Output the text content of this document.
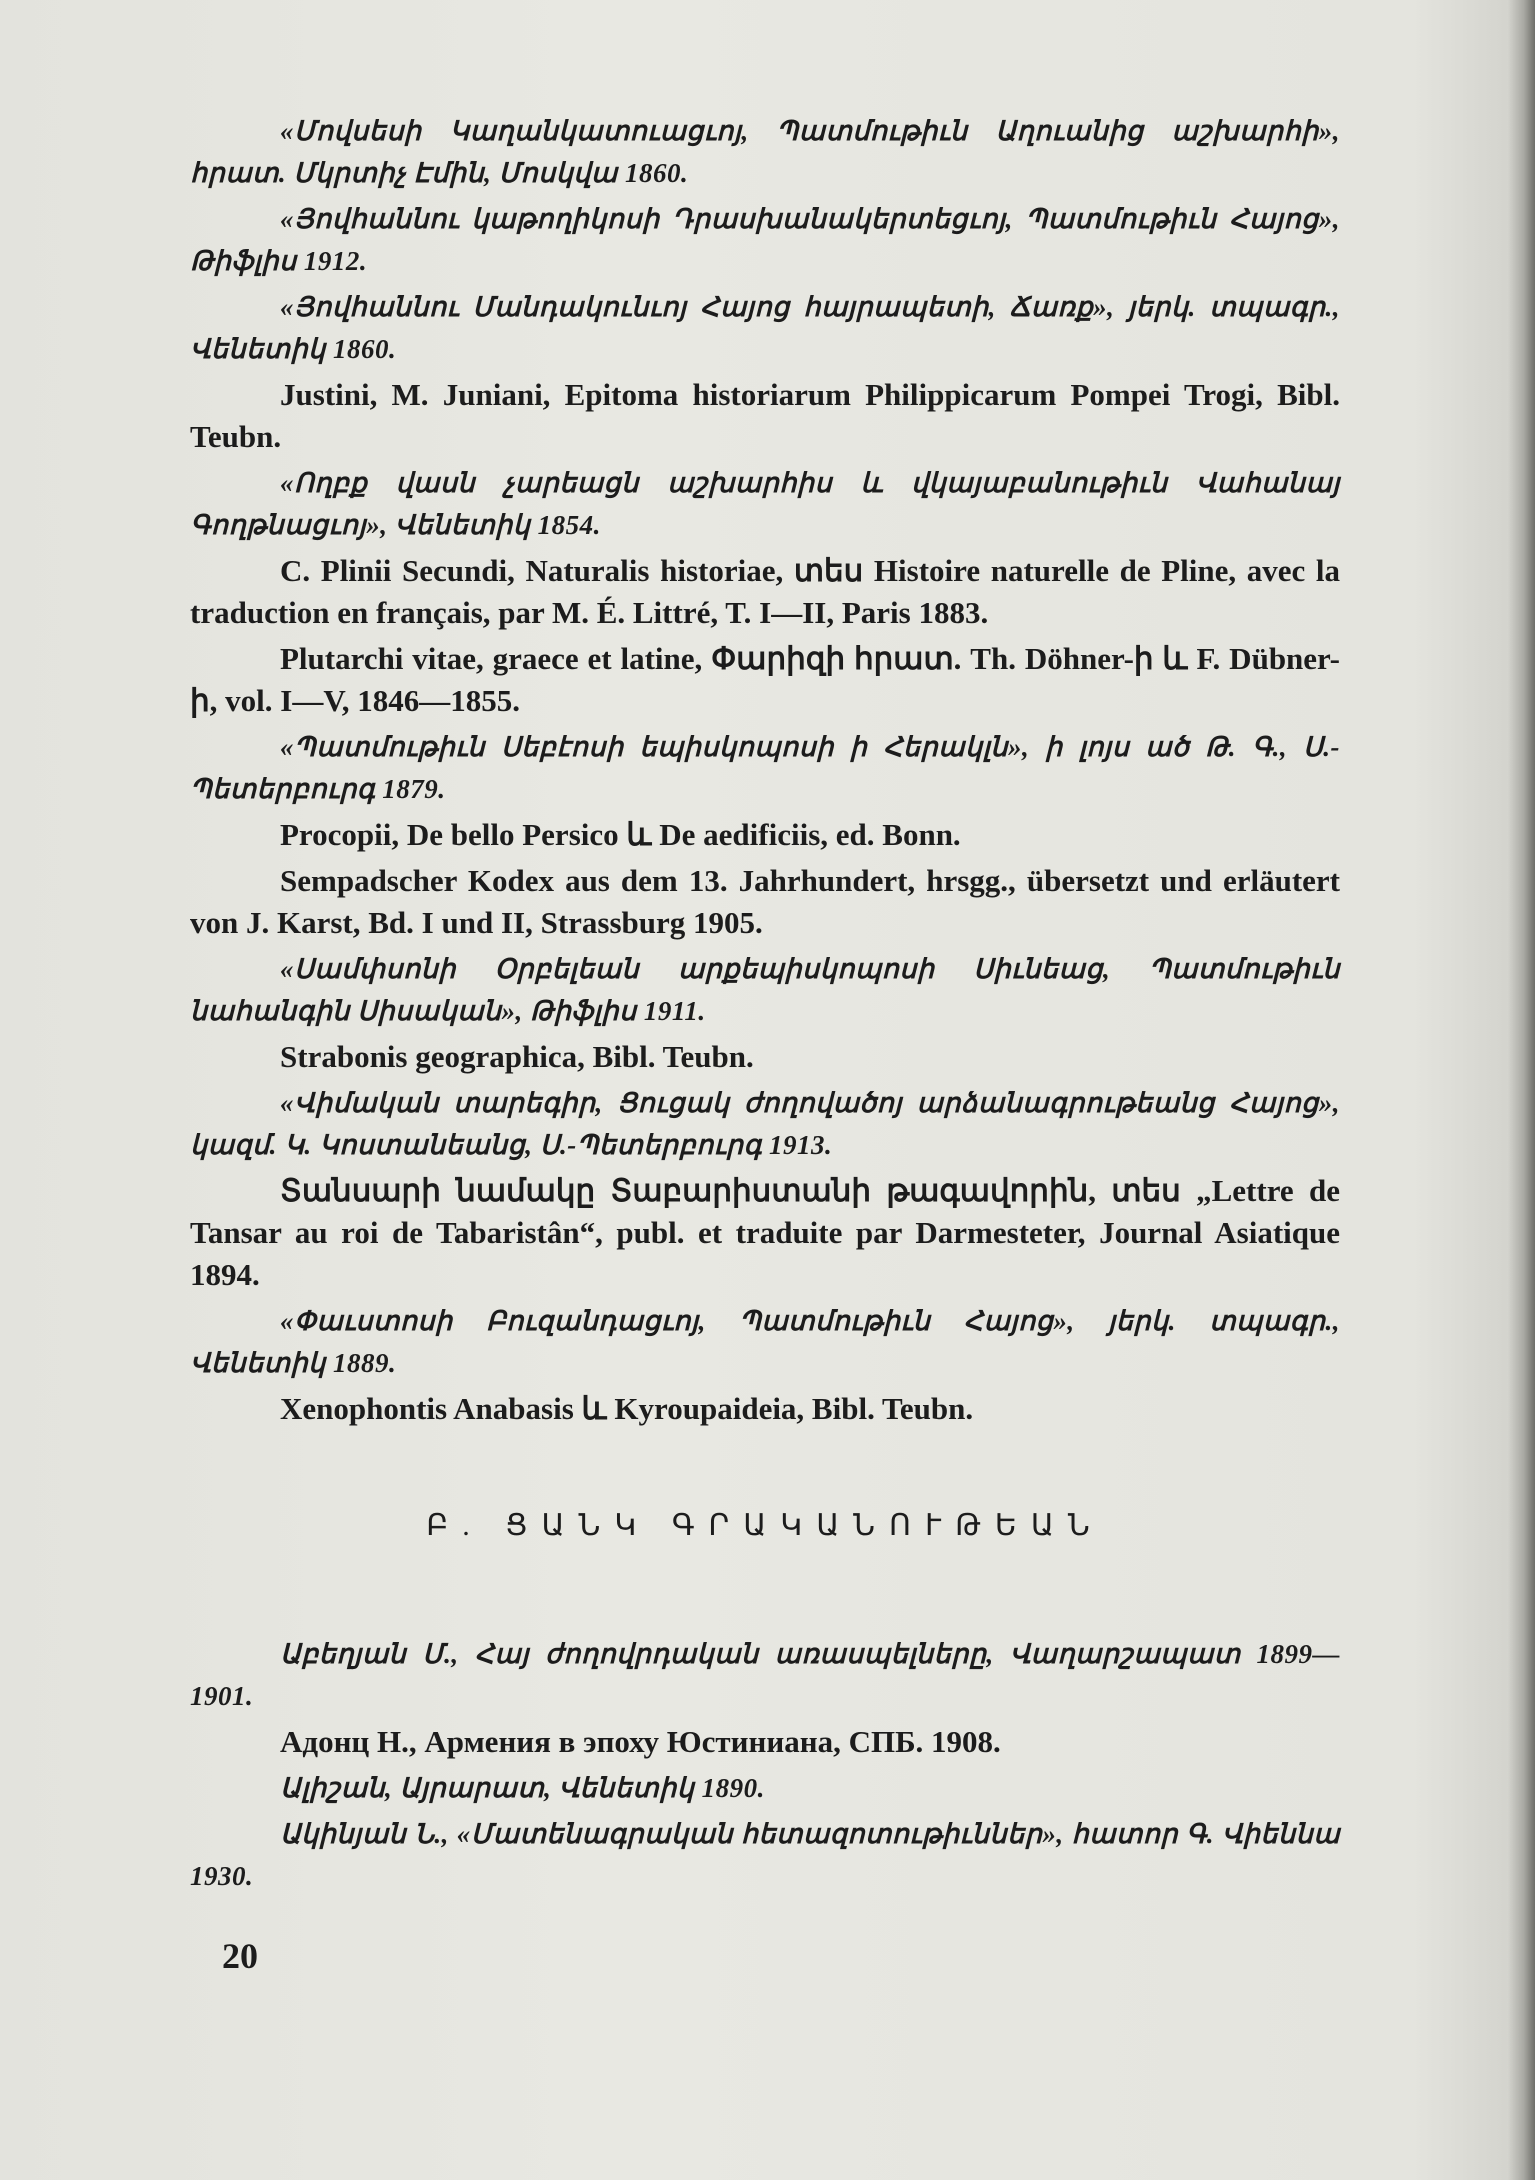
«Մովսեսի Կաղանկատուացւոյ, Պատմութիւն Աղուանից աշխարհի», հրատ. Մկրտիչ Էմին, Մոսկվա 1860.

«Յովհաննու կաթողիկոսի Դրասխանակերտեցւոյ, Պատմութիւն Հայոց», Թիֆլիս 1912.

«Յովհաննու Մանդակունւոյ Հայոց հայրապետի, Ճառք», յերկ. տպագր., Վենետիկ 1860.

Justini, M. Juniani, Epitoma historiarum Philippicarum Pompei Trogi, Bibl. Teubn.

«Ողբք վասն չարեացն աշխարհիս և վկայաբանութիւն Վահանայ Գողթնացւոյ», Վենետիկ 1854.

C. Plinii Secundi, Naturalis historiae, տես Histoire naturelle de Pline, avec la traduction en français, par M. É. Littré, T. I—II, Paris 1883.

Plutarchi vitae, graece et latine, Փարիզի հրատ. Th. Döhner-ի և F. Dübner-ի, vol. I—V, 1846—1855.

«Պատմութիւն Սեբէոսի եպիսկոպոսի ի Հերակլն», ի լոյս ած Թ. Գ., Ս.-Պետերբուրգ 1879.

Procopii, De bello Persico և De aedificiis, ed. Bonn.

Sempadscher Kodex aus dem 13. Jahrhundert, hrsgg., übersetzt und erläutert von J. Karst, Bd. I und II, Strassburg 1905.

«Սամփսոնի Օրբելեան արքեպիսկոպոսի Սիւնեաց, Պատմութիւն նահանգին Սիսական», Թիֆլիս 1911.

Strabonis geographica, Bibl. Teubn.

«Վիմական տարեգիր, Ցուցակ ժողովածոյ արձանագրութեանց Հայոց», կազմ. Կ. Կոստանեանց, Ս.-Պետերբուրգ 1913.

Տանսարի նամակը Տաբարիստանի թագավորին, տես „Lettre de Tansar au roi de Tabaristân“, publ. et traduite par Darmesteter, Journal Asiatique 1894.

«Փաւստոսի Բուզանդացւոյ, Պատմութիւն Հայոց», յերկ. տպագր., Վենետիկ 1889.

Xenophontis Anabasis և Kyroupaideia, Bibl. Teubn.

Բ. ՑԱՆԿ ԳՐԱԿԱՆՈՒԹԵԱՆ

Աբեղյան Մ., Հայ ժողովրդական առասպելները, Վաղարշապատ 1899—1901.

Адонц Н., Армения в эпоху Юстиниана, СПБ. 1908.

Ալիշան, Այրարատ, Վենետիկ 1890.

Ակինյան Ն., «Մատենագրական հետազոտութիւններ», հատոր Գ. Վիեննա 1930.

20
